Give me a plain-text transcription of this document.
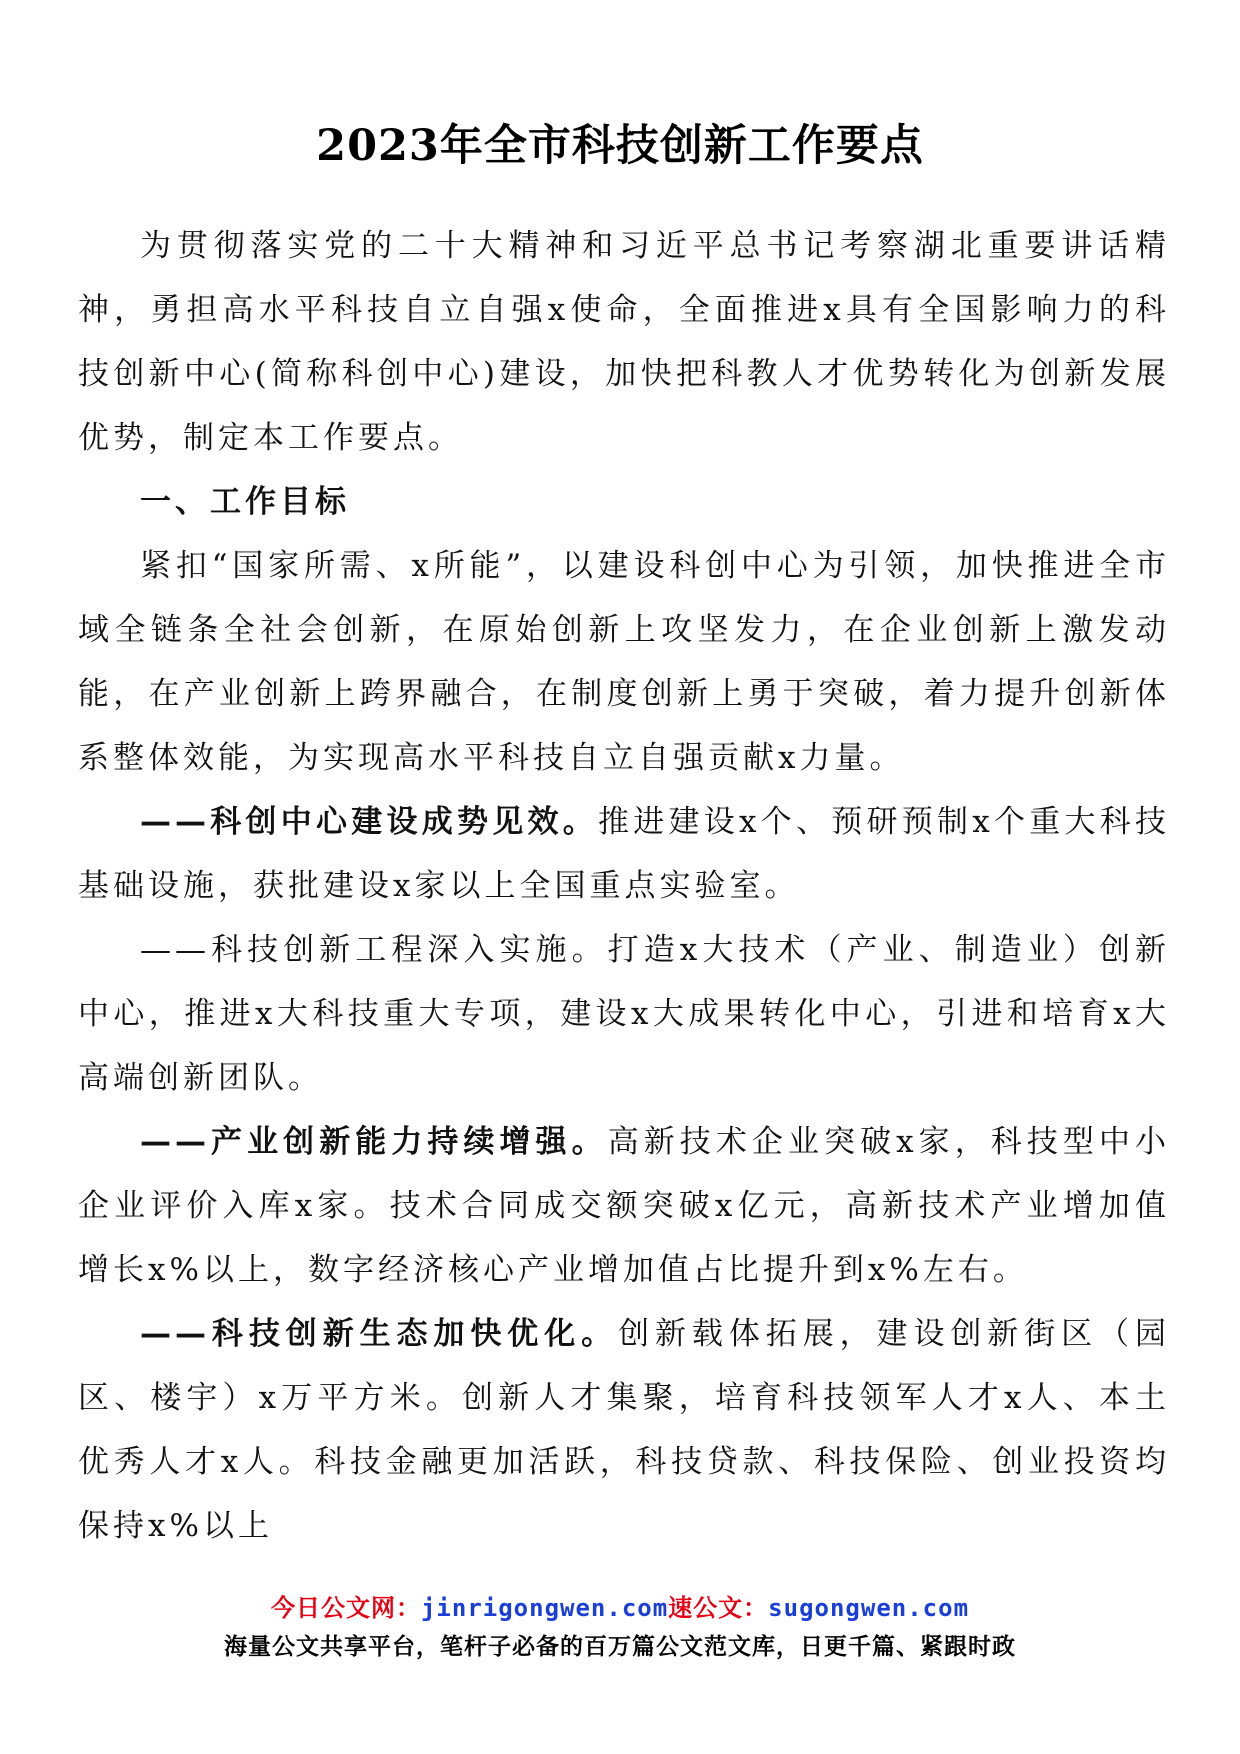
2023年全市科技创新工作要点

为贯彻落实党的二十大精神和习近平总书记考察湖北重要讲话精神，勇担高水平科技自立自强x使命，全面推进x具有全国影响力的科技创新中心(简称科创中心)建设，加快把科教人才优势转化为创新发展优势，制定本工作要点。

一、工作目标

紧扣“国家所需、x所能”，以建设科创中心为引领，加快推进全市域全链条全社会创新，在原始创新上攻坚发力，在企业创新上激发动能，在产业创新上跨界融合，在制度创新上勇于突破，着力提升创新体系整体效能，为实现高水平科技自立自强贡献x力量。

——科创中心建设成势见效。推进建设x个、预研预制x个重大科技基础设施，获批建设x家以上全国重点实验室。

——科技创新工程深入实施。打造x大技术（产业、制造业）创新中心，推进x大科技重大专项，建设x大成果转化中心，引进和培育x大高端创新团队。

——产业创新能力持续增强。高新技术企业突破x家，科技型中小企业评价入库x家。技术合同成交额突破x亿元，高新技术产业增加值增长x%以上，数字经济核心产业增加值占比提升到x%左右。

——科技创新生态加快优化。创新载体拓展，建设创新街区（园区、楼宇）x万平方米。创新人才集聚，培育科技领军人才x人、本土优秀人才x人。科技金融更加活跃，科技贷款、科技保险、创业投资均保持x%以上

今日公文网：jinrigongwen.com速公文：sugongwen.com
海量公文共享平台，笔杆子必备的百万篇公文范文库，日更千篇、紧跟时政
